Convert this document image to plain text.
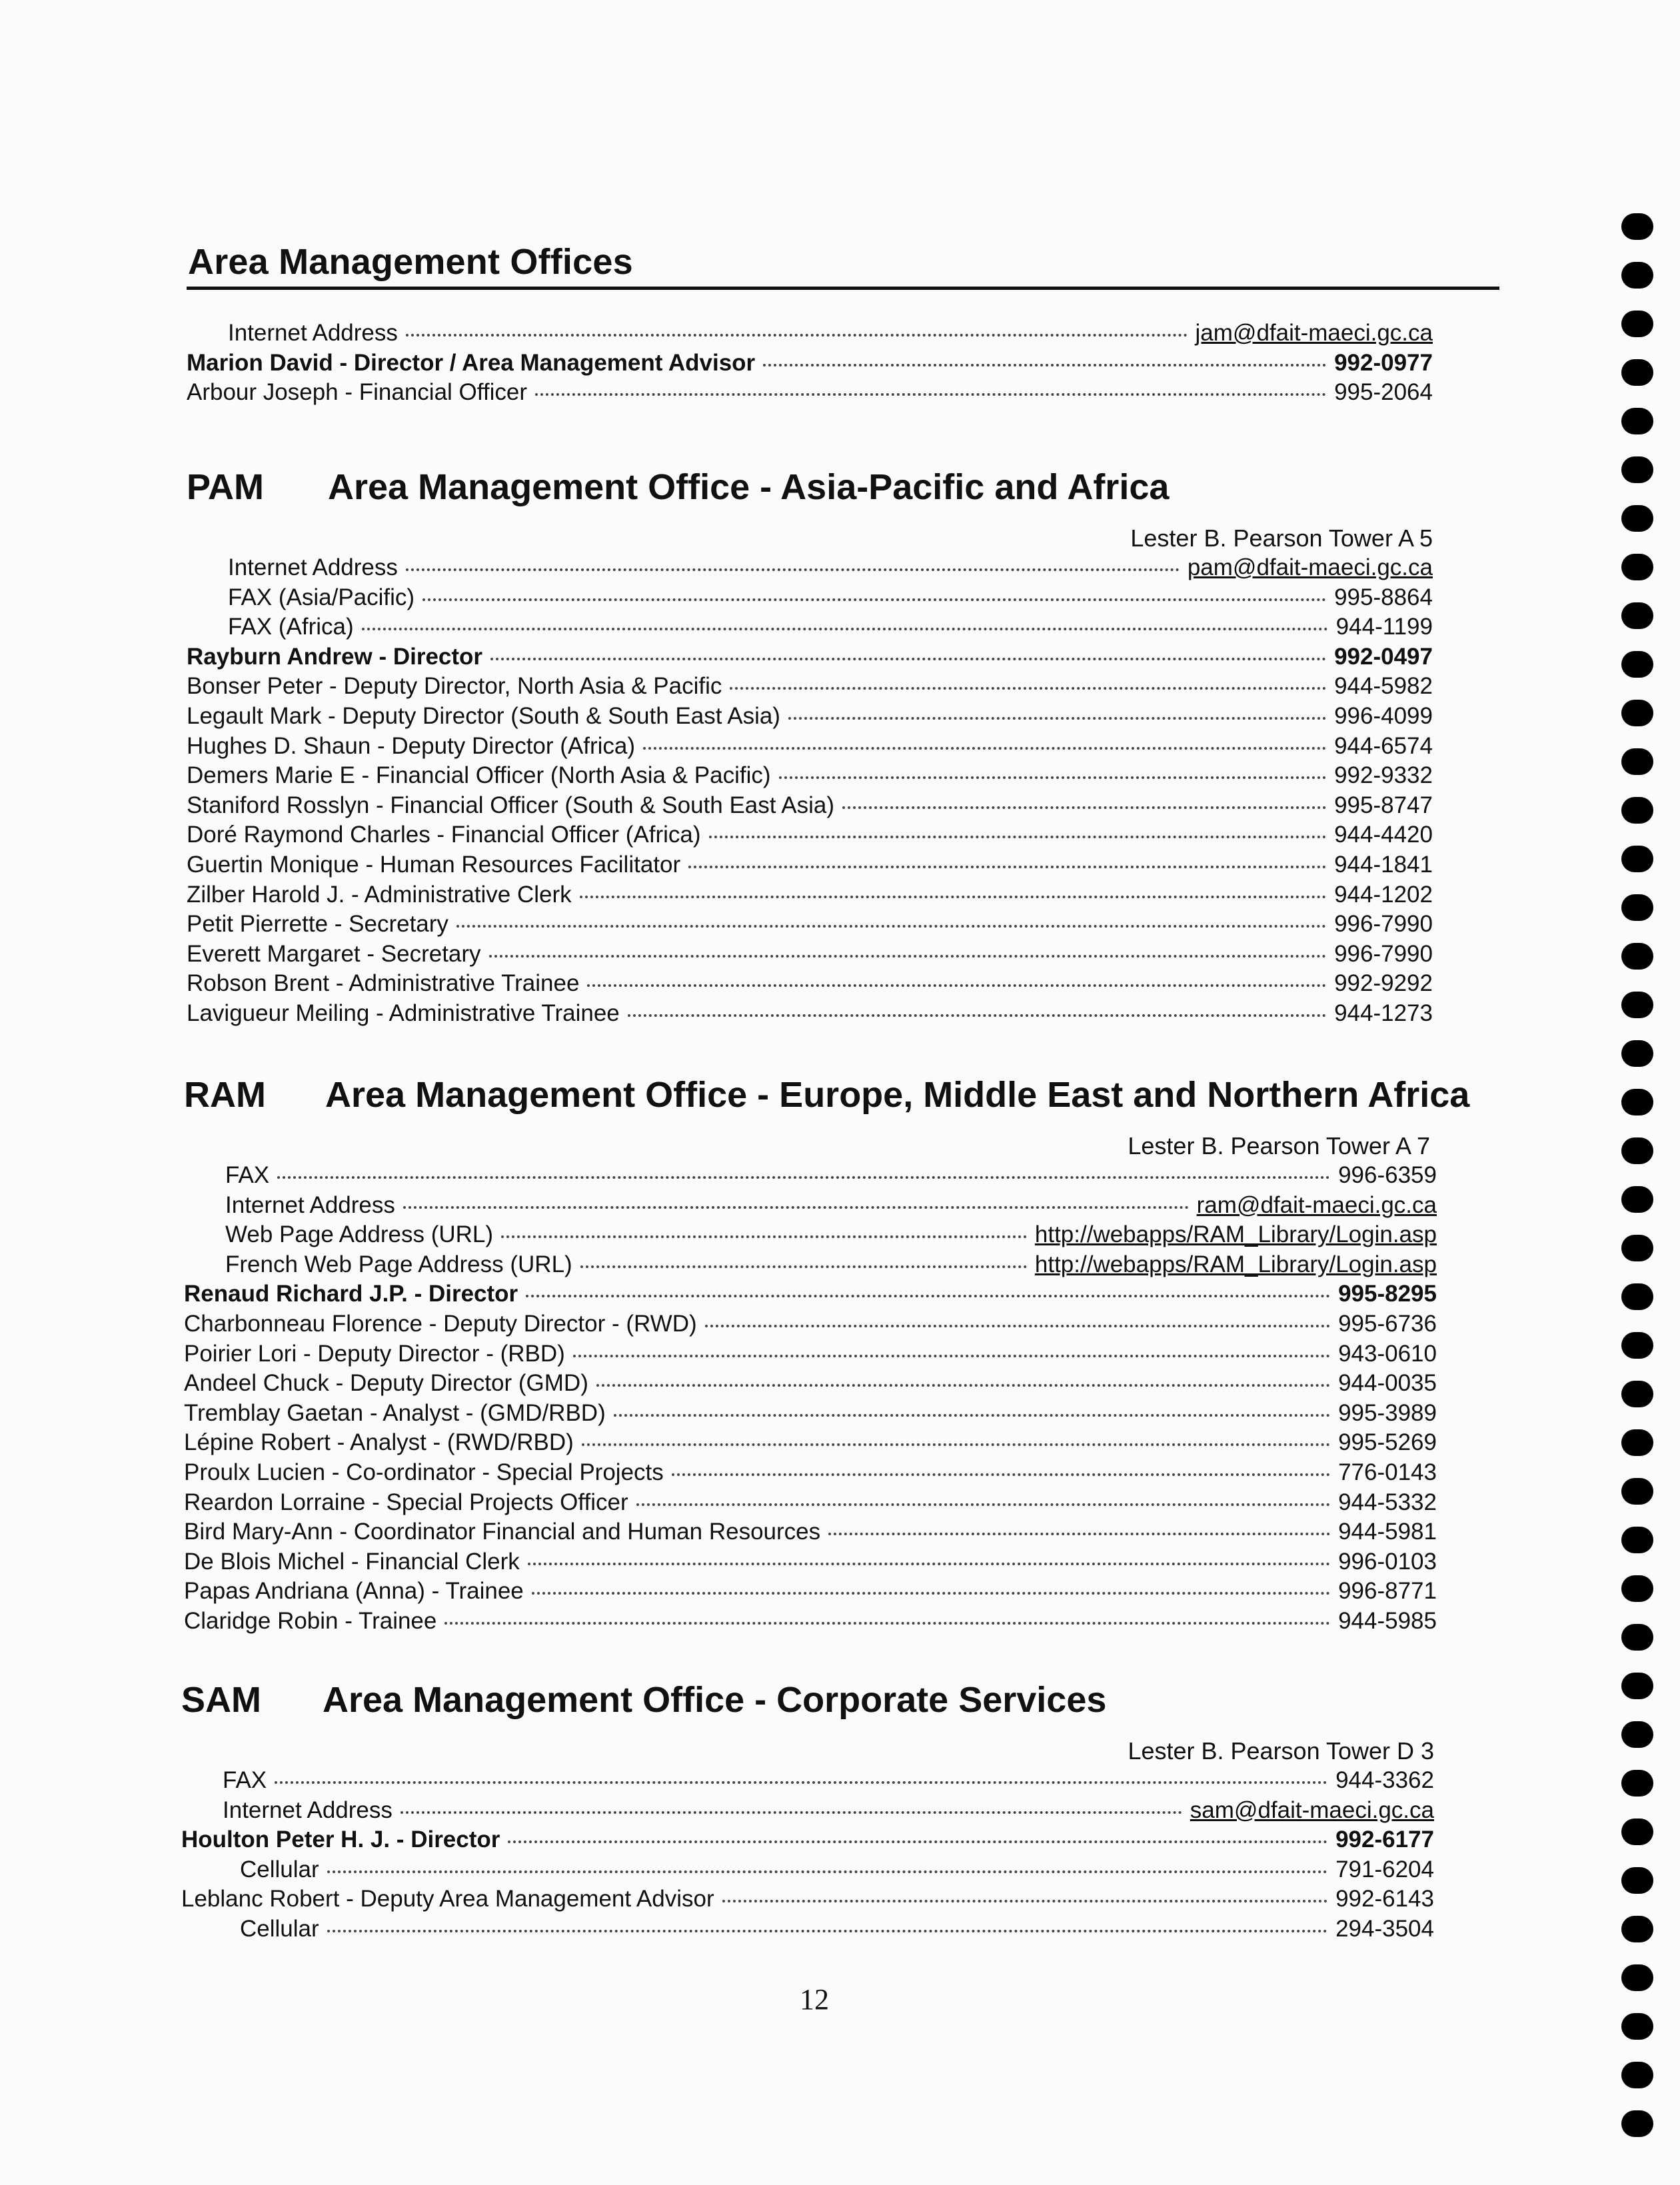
Area Management Offices
Internet Address	jam@dfait-maeci.gc.ca
Marion David - Director / Area Management Advisor	992-0977
Arbour Joseph - Financial Officer	995-2064
PAM Area Management Office - Asia-Pacific and Africa
Lester B. Pearson Tower A 5
Internet Address	pam@dfait-maeci.gc.ca
FAX (Asia/Pacific)	995-8864
FAX (Africa)	944-1199
Rayburn Andrew - Director	992-0497
Bonser Peter - Deputy Director, North Asia & Pacific	944-5982
Legault Mark - Deputy Director (South & South East Asia)	996-4099
Hughes D. Shaun - Deputy Director (Africa)	944-6574
Demers Marie E - Financial Officer (North Asia & Pacific)	992-9332
Staniford Rosslyn - Financial Officer (South & South East Asia)	995-8747
Doré Raymond Charles - Financial Officer (Africa)	944-4420
Guertin Monique - Human Resources Facilitator	944-1841
Zilber Harold J. - Administrative Clerk	944-1202
Petit Pierrette - Secretary	996-7990
Everett Margaret - Secretary	996-7990
Robson Brent - Administrative Trainee	992-9292
Lavigueur Meiling - Administrative Trainee	944-1273
RAM Area Management Office - Europe, Middle East and Northern Africa
Lester B. Pearson Tower A 7
FAX	996-6359
Internet Address	ram@dfait-maeci.gc.ca
Web Page Address (URL)	http://webapps/RAM_Library/Login.asp
French Web Page Address (URL)	http://webapps/RAM_Library/Login.asp
Renaud Richard J.P. - Director	995-8295
Charbonneau Florence - Deputy Director - (RWD)	995-6736
Poirier Lori - Deputy Director - (RBD)	943-0610
Andeel Chuck - Deputy Director (GMD)	944-0035
Tremblay Gaetan - Analyst - (GMD/RBD)	995-3989
Lépine Robert - Analyst - (RWD/RBD)	995-5269
Proulx Lucien - Co-ordinator - Special Projects	776-0143
Reardon Lorraine - Special Projects Officer	944-5332
Bird Mary-Ann - Coordinator Financial and Human Resources	944-5981
De Blois Michel - Financial Clerk	996-0103
Papas Andriana (Anna) - Trainee	996-8771
Claridge Robin - Trainee	944-5985
SAM Area Management Office - Corporate Services
Lester B. Pearson Tower D 3
FAX	944-3362
Internet Address	sam@dfait-maeci.gc.ca
Houlton Peter H. J. - Director	992-6177
Cellular	791-6204
Leblanc Robert - Deputy Area Management Advisor	992-6143
Cellular	294-3504
12
